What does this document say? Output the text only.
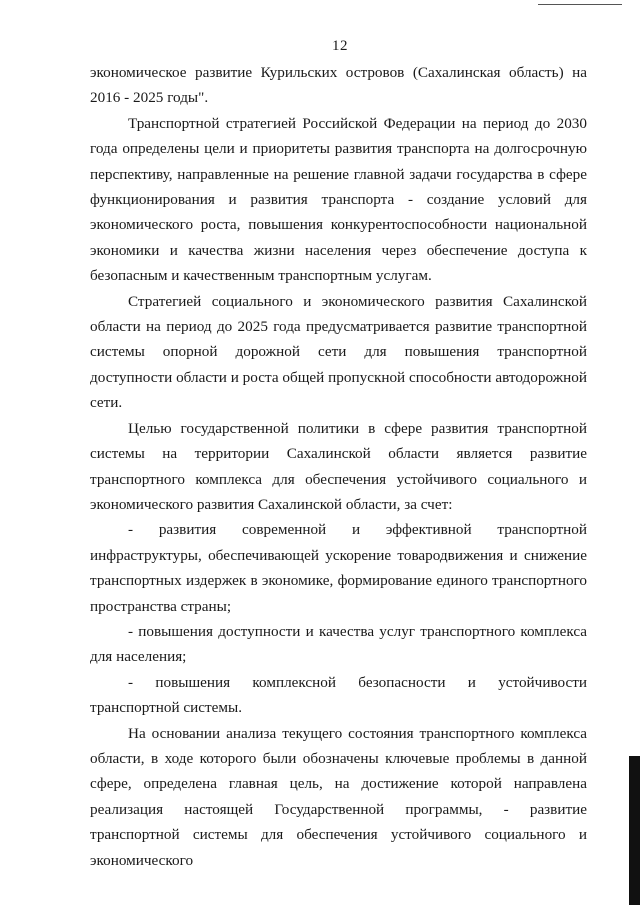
12

экономическое развитие Курильских островов (Сахалинская область) на 2016 - 2025 годы".

Транспортной стратегией Российской Федерации на период до 2030 года определены цели и приоритеты развития транспорта на долгосрочную перспективу, направленные на решение главной задачи государства в сфере функционирования и развития транспорта - создание условий для экономического роста, повышения конкурентоспособности национальной экономики и качества жизни населения через обеспечение доступа к безопасным и качественным транспортным услугам.

Стратегией социального и экономического развития Сахалинской области на период до 2025 года предусматривается развитие транспортной системы опорной дорожной сети для повышения транспортной доступности области и роста общей пропускной способности автодорожной сети.

Целью государственной политики в сфере развития транспортной системы на территории Сахалинской области является развитие транспортного комплекса для обеспечения устойчивого социального и экономического развития Сахалинской области, за счет:

- развития современной и эффективной транспортной инфраструктуры, обеспечивающей ускорение товародвижения и снижение транспортных издержек в экономике, формирование единого транспортного пространства страны;

- повышения доступности и качества услуг транспортного комплекса для населения;

- повышения комплексной безопасности и устойчивости транспортной системы.

На основании анализа текущего состояния транспортного комплекса области, в ходе которого были обозначены ключевые проблемы в данной сфере, определена главная цель, на достижение которой направлена реализация настоящей Государственной программы, - развитие транспортной системы для обеспечения устойчивого социального и экономического
